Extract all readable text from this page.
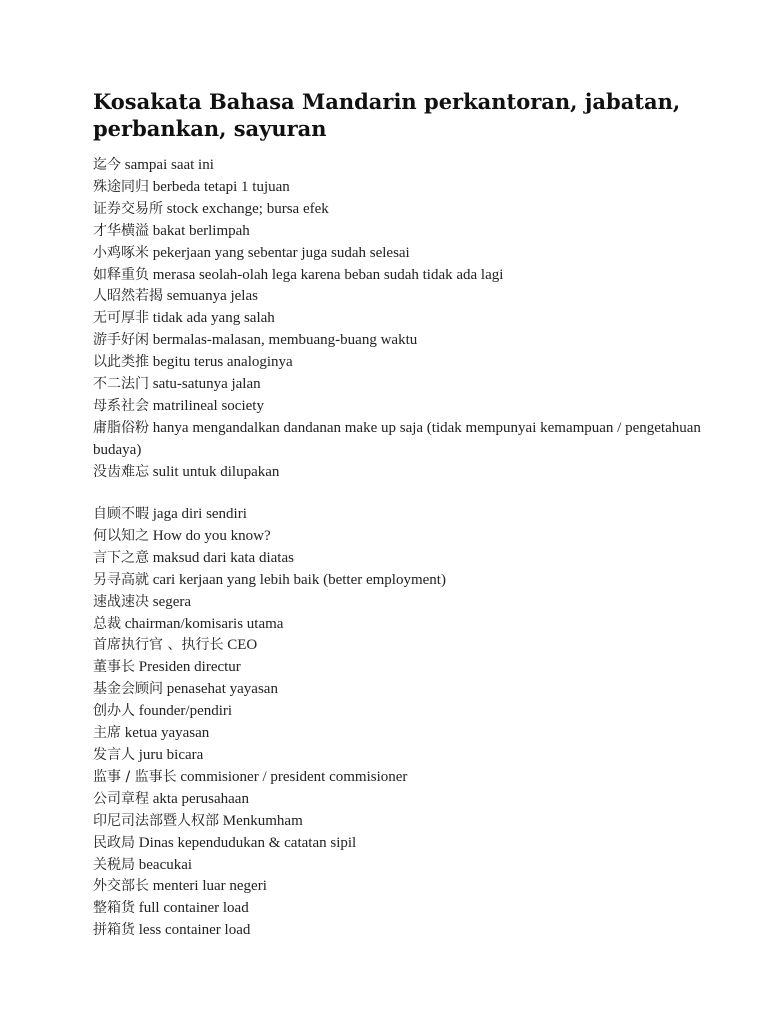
Kosakata Bahasa Mandarin perkantoran, jabatan, perbankan, sayuran
迄今 sampai saat ini
殊途同归 berbeda tetapi 1 tujuan
证券交易所 stock exchange; bursa efek
才华横溢 bakat berlimpah
小鸡啄米 pekerjaan yang sebentar juga sudah selesai
如释重负 merasa seolah-olah lega karena beban sudah tidak ada lagi
人昭然若揭 semuanya jelas
无可厚非 tidak ada yang salah
游手好闲 bermalas-malasan, membuang-buang waktu
以此类推 begitu terus analoginya
不二法门 satu-satunya jalan
母系社会 matrilineal society
庸脂俗粉 hanya mengandalkan dandanan make up saja (tidak mempunyai kemampuan / pengetahuan budaya)
没齿难忘 sulit untuk dilupakan
自顾不暇 jaga diri sendiri
何以知之 How do you know?
言下之意 maksud dari kata diatas
另寻高就 cari kerjaan yang lebih baik (better employment)
速战速决 segera
总裁 chairman/komisaris utama
首席执行官 、执行长 CEO
董事长 Presiden directur
基金会顾问 penasehat yayasan
创办人 founder/pendiri
主席 ketua yayasan
发言人 juru bicara
监事 / 监事长 commisioner / president commisioner
公司章程 akta perusahaan
印尼司法部暨人权部 Menkumham
民政局 Dinas kependudukan & catatan sipil
关税局 beacukai
外交部长 menteri luar negeri
整箱货 full container load
拼箱货 less container load
